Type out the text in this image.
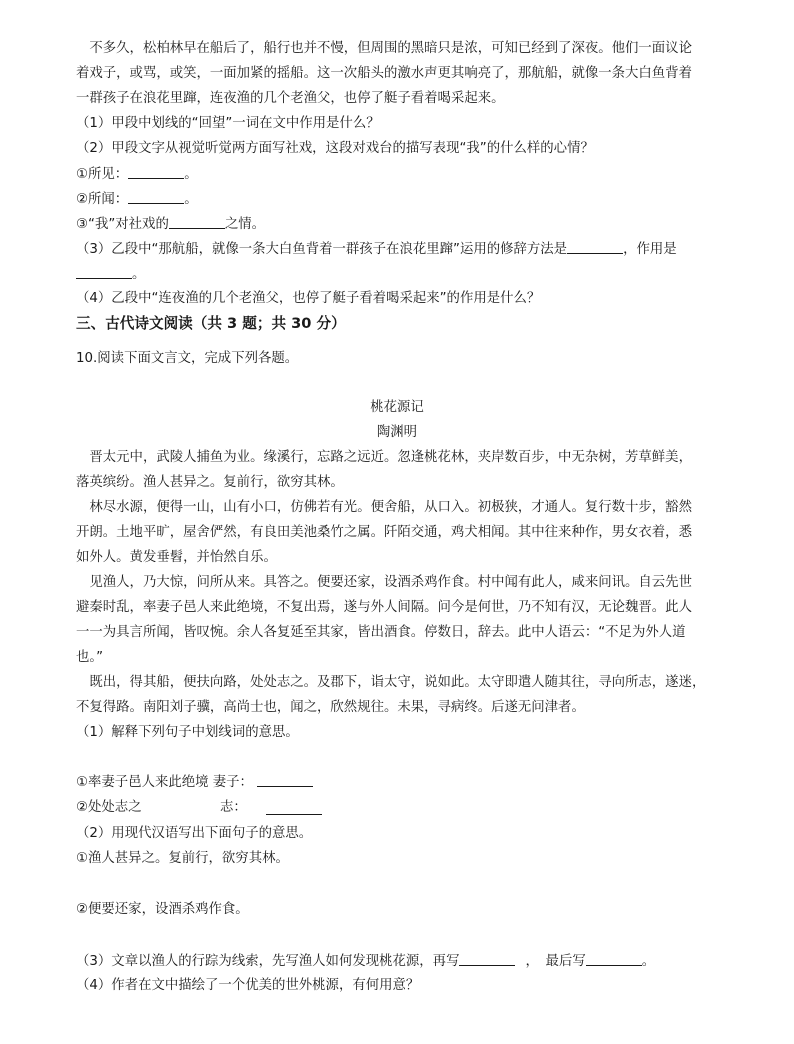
　不多久，松柏林早在船后了，船行也并不慢，但周围的黑暗只是浓，可知已经到了深夜。他们一面议论
着戏子，或骂，或笑，一面加紧的摇船。这一次船头的激水声更其响亮了，那航船，就像一条大白鱼背着
一群孩子在浪花里蹿，连夜渔的几个老渔父，也停了艇子看着喝采起来。
（1）甲段中划线的“回望”一词在文中作用是什么？
（2）甲段文字从视觉听觉两方面写社戏，这段对戏台的描写表现“我”的什么样的心情？
①所见：	。
②所闻：	。
③“我”对社戏的	之情。
（3）乙段中“那航船，就像一条大白鱼背着一群孩子在浪花里蹿”运用的修辞方法是	，作用是
。
（4）乙段中“连夜渔的几个老渔父，也停了艇子看着喝采起来”的作用是什么？
三、古代诗文阅读（共 3 题；共 30 分）
10.阅读下面文言文，完成下列各题。
桃花源记
陶渊明
　晋太元中，武陵人捕鱼为业。缘溪行，忘路之远近。忽逢桃花林，夹岸数百步，中无杂树，芳草鲜美，
落英缤纷。渔人甚异之。复前行，欲穷其林。
　林尽水源，便得一山，山有小口，仿佛若有光。便舍船，从口入。初极狭，才通人。复行数十步，豁然
开朗。土地平旷，屋舍俨然，有良田美池桑竹之属。阡陌交通，鸡犬相闻。其中往来种作，男女衣着，悉
如外人。黄发垂髫，并怡然自乐。
　见渔人，乃大惊，问所从来。具答之。便要还家，设酒杀鸡作食。村中闻有此人，咸来问讯。自云先世
避秦时乱，率妻子邑人来此绝境，不复出焉，遂与外人间隔。问今是何世，乃不知有汉，无论魏晋。此人
一一为具言所闻，皆叹惋。余人各复延至其家，皆出酒食。停数日，辞去。此中人语云：“不足为外人道
也。”
　既出，得其船，便扶向路，处处志之。及郡下，诣太守，说如此。太守即遣人随其往，寻向所志，遂迷，
不复得路。南阳刘子骥，高尚士也，闻之，欣然规往。未果，寻病终。后遂无问津者。
（1）解释下列句子中划线词的意思。
①率妻子邑人来此绝境 妻子：
②处处志之	志：
（2）用现代汉语写出下面句子的意思。
①渔人甚异之。复前行，欲穷其林。
②便要还家，设酒杀鸡作食。
（3）文章以渔人的行踪为线索，先写渔人如何发现桃花源，再写	，　最后写	。
（4）作者在文中描绘了一个优美的世外桃源，有何用意？
